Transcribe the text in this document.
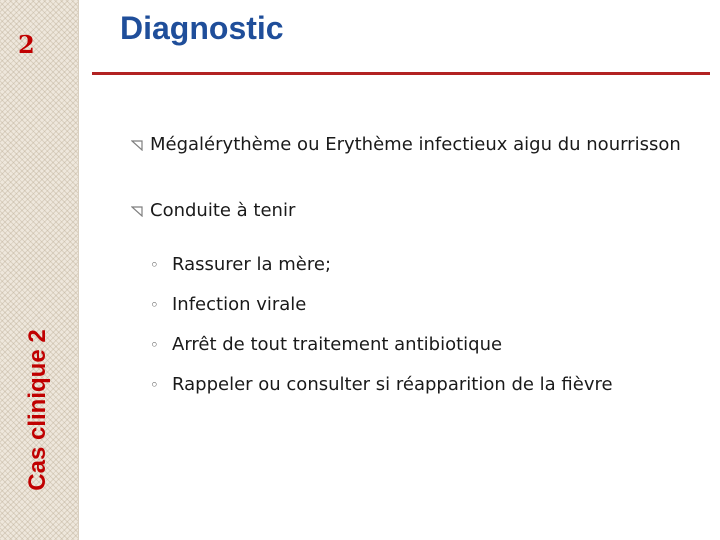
2
Cas clinique 2
Diagnostic
Mégalérythème ou Erythème infectieux aigu du nourrisson
Conduite à tenir
◦ Rassurer la mère;
◦ Infection virale
◦ Arrêt de tout traitement antibiotique
◦ Rappeler ou consulter si réapparition de la fièvre
